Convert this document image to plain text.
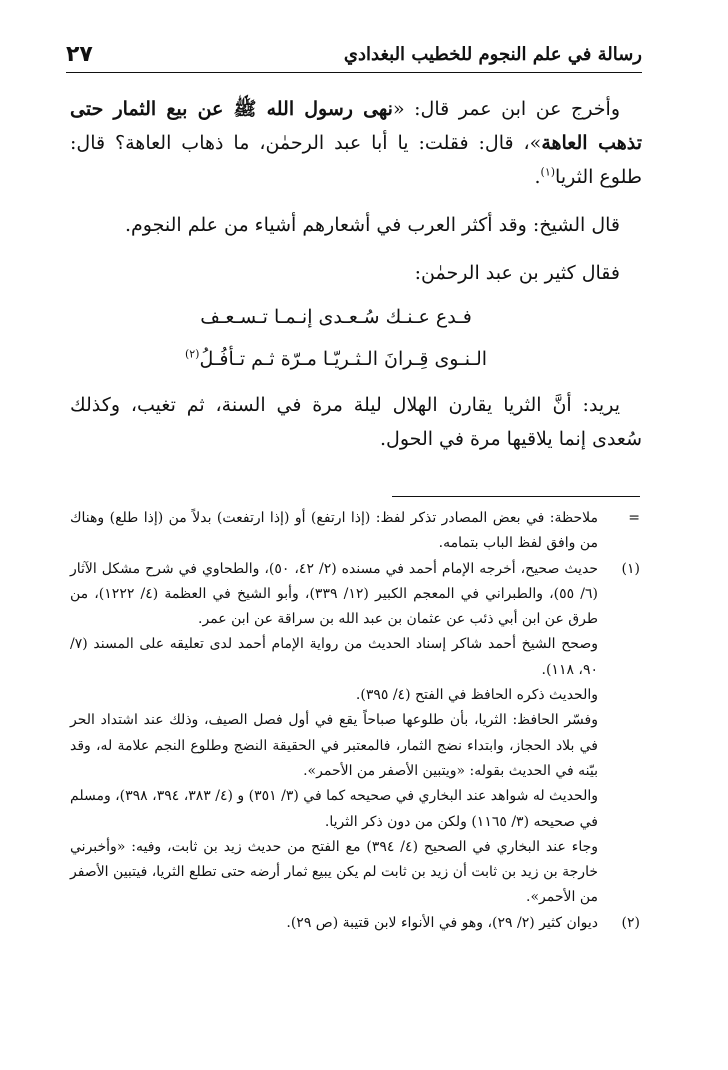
رسالة في علم النجوم للخطيب البغدادي
٢٧

وأخرج عن ابن عمر قال: «نهى رسول الله ﷺ عن بيع الثمار حتى تذهب العاهة»، قال: فقلت: يا أبا عبد الرحمٰن، ما ذهاب العاهة؟ قال: طلوع الثريا$^{(١)}$.

قال الشيخ: وقد أكثر العرب في أشعارهم أشياء من علم النجوم.

فقال كثير بن عبد الرحمٰن:

فـدع عـنـك سُـعـدى إنـمـا تـسـعـف
الـنـوى قِـرانَ الـثـريّـا مـرّة ثـم تـأفُـلُ$^{(٢)}$

يريد: أنَّ الثريا يقارن الهلال ليلة مرة في السنة، ثم تغيب، وكذلك سُعدى إنما يلاقيها مرة في الحول.

=

ملاحظة: في بعض المصادر تذكر لفظ: (إذا ارتفع) أو (إذا ارتفعت) بدلاً من (إذا طلع) وهناك من وافق لفظ الباب بتمامه.

(١)

حديث صحيح، أخرجه الإمام أحمد في مسنده (٢/ ٤٢، ٥٠)، والطحاوي في شرح مشكل الآثار (٦/ ٥٥)، والطبراني في المعجم الكبير (١٢/ ٣٣٩)، وأبو الشيخ في العظمة (٤/ ١٢٢٢)، من طرق عن ابن أبي ذئب عن عثمان بن عبد الله بن سراقة عن ابن عمر.

وصحح الشيخ أحمد شاكر إسناد الحديث من رواية الإمام أحمد لدى تعليقه على المسند (٧/ ٩٠، ١١٨).

والحديث ذكره الحافظ في الفتح (٤/ ٣٩٥).

وفسّر الحافظ: الثريا، بأن طلوعها صباحاً يقع في أول فصل الصيف، وذلك عند اشتداد الحر في بلاد الحجاز، وابتداء نضج الثمار، فالمعتبر في الحقيقة النضج وطلوع النجم علامة له، وقد بيّنه في الحديث بقوله: «ويتبين الأصفر من الأحمر».

والحديث له شواهد عند البخاري في صحيحه كما في (٣/ ٣٥١) و (٤/ ٣٨٣، ٣٩٤، ٣٩٨)، ومسلم في صحيحه (٣/ ١١٦٥) ولكن من دون ذكر الثريا.

وجاء عند البخاري في الصحيح (٤/ ٣٩٤) مع الفتح من حديث زيد بن ثابت، وفيه: «وأخبرني خارجة بن زيد بن ثابت أن زيد بن ثابت لم يكن يبيع ثمار أرضه حتى تطلع الثريا، فيتبين الأصفر من الأحمر».

(٢)

ديوان كثير (٢/ ٢٩)، وهو في الأنواء لابن قتيبة (ص ٢٩).
